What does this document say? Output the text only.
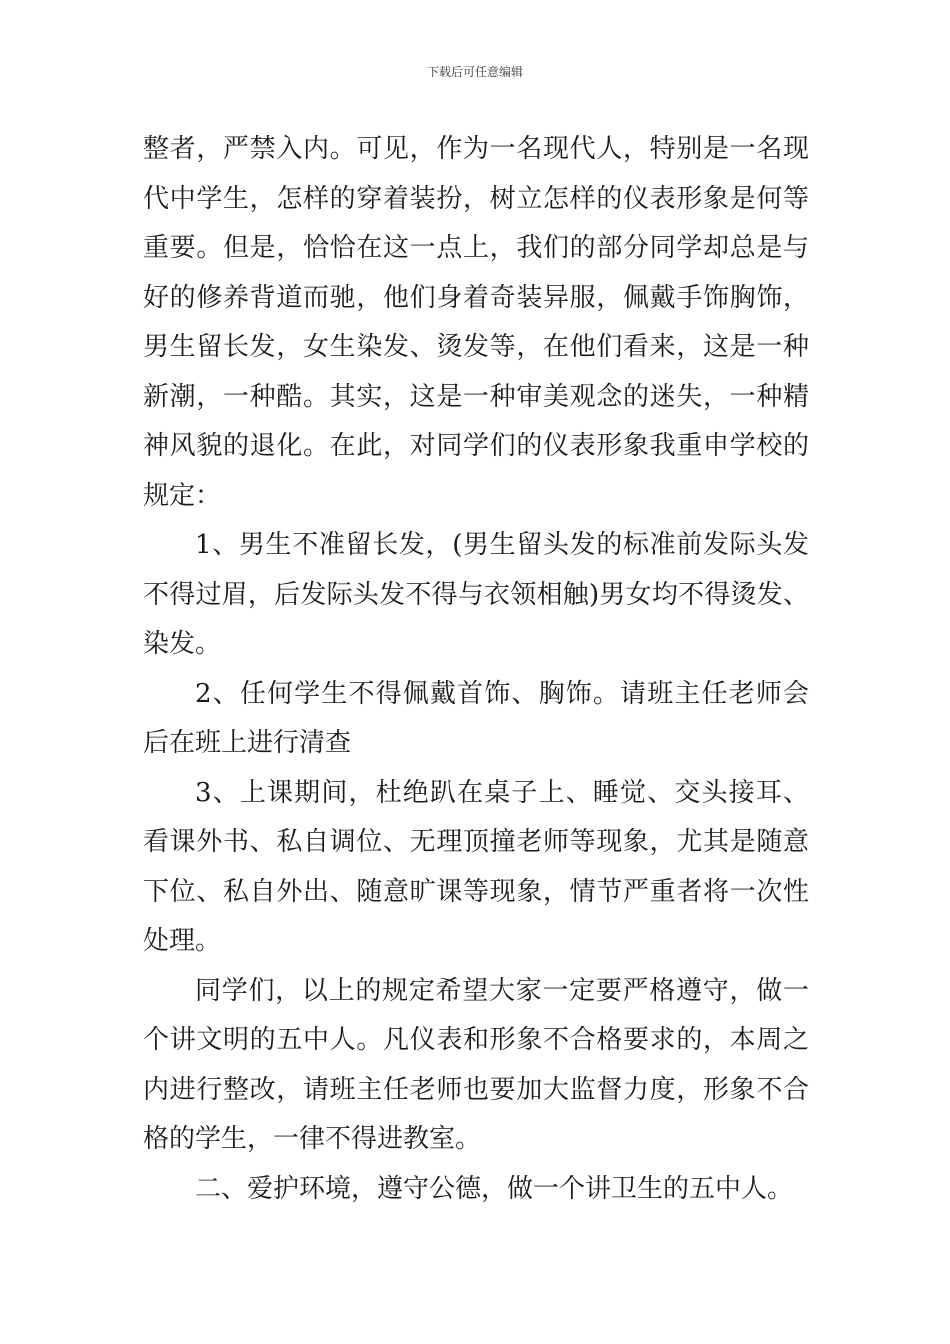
下载后可任意编辑

整者，严禁入内。可见，作为一名现代人，特别是一名现代中学生，怎样的穿着装扮，树立怎样的仪表形象是何等重要。但是，恰恰在这一点上，我们的部分同学却总是与好的修养背道而驰，他们身着奇装异服，佩戴手饰胸饰，男生留长发，女生染发、烫发等，在他们看来，这是一种新潮，一种酷。其实，这是一种审美观念的迷失，一种精神风貌的退化。在此，对同学们的仪表形象我重申学校的规定：

1、男生不准留长发，(男生留头发的标准前发际头发不得过眉，后发际头发不得与衣领相触)男女均不得烫发、染发。

2、任何学生不得佩戴首饰、胸饰。请班主任老师会后在班上进行清查

3、上课期间，杜绝趴在桌子上、睡觉、交头接耳、看课外书、私自调位、无理顶撞老师等现象，尤其是随意下位、私自外出、随意旷课等现象，情节严重者将一次性处理。

同学们，以上的规定希望大家一定要严格遵守，做一个讲文明的五中人。凡仪表和形象不合格要求的，本周之内进行整改，请班主任老师也要加大监督力度，形象不合格的学生，一律不得进教室。

二、爱护环境，遵守公德，做一个讲卫生的五中人。
